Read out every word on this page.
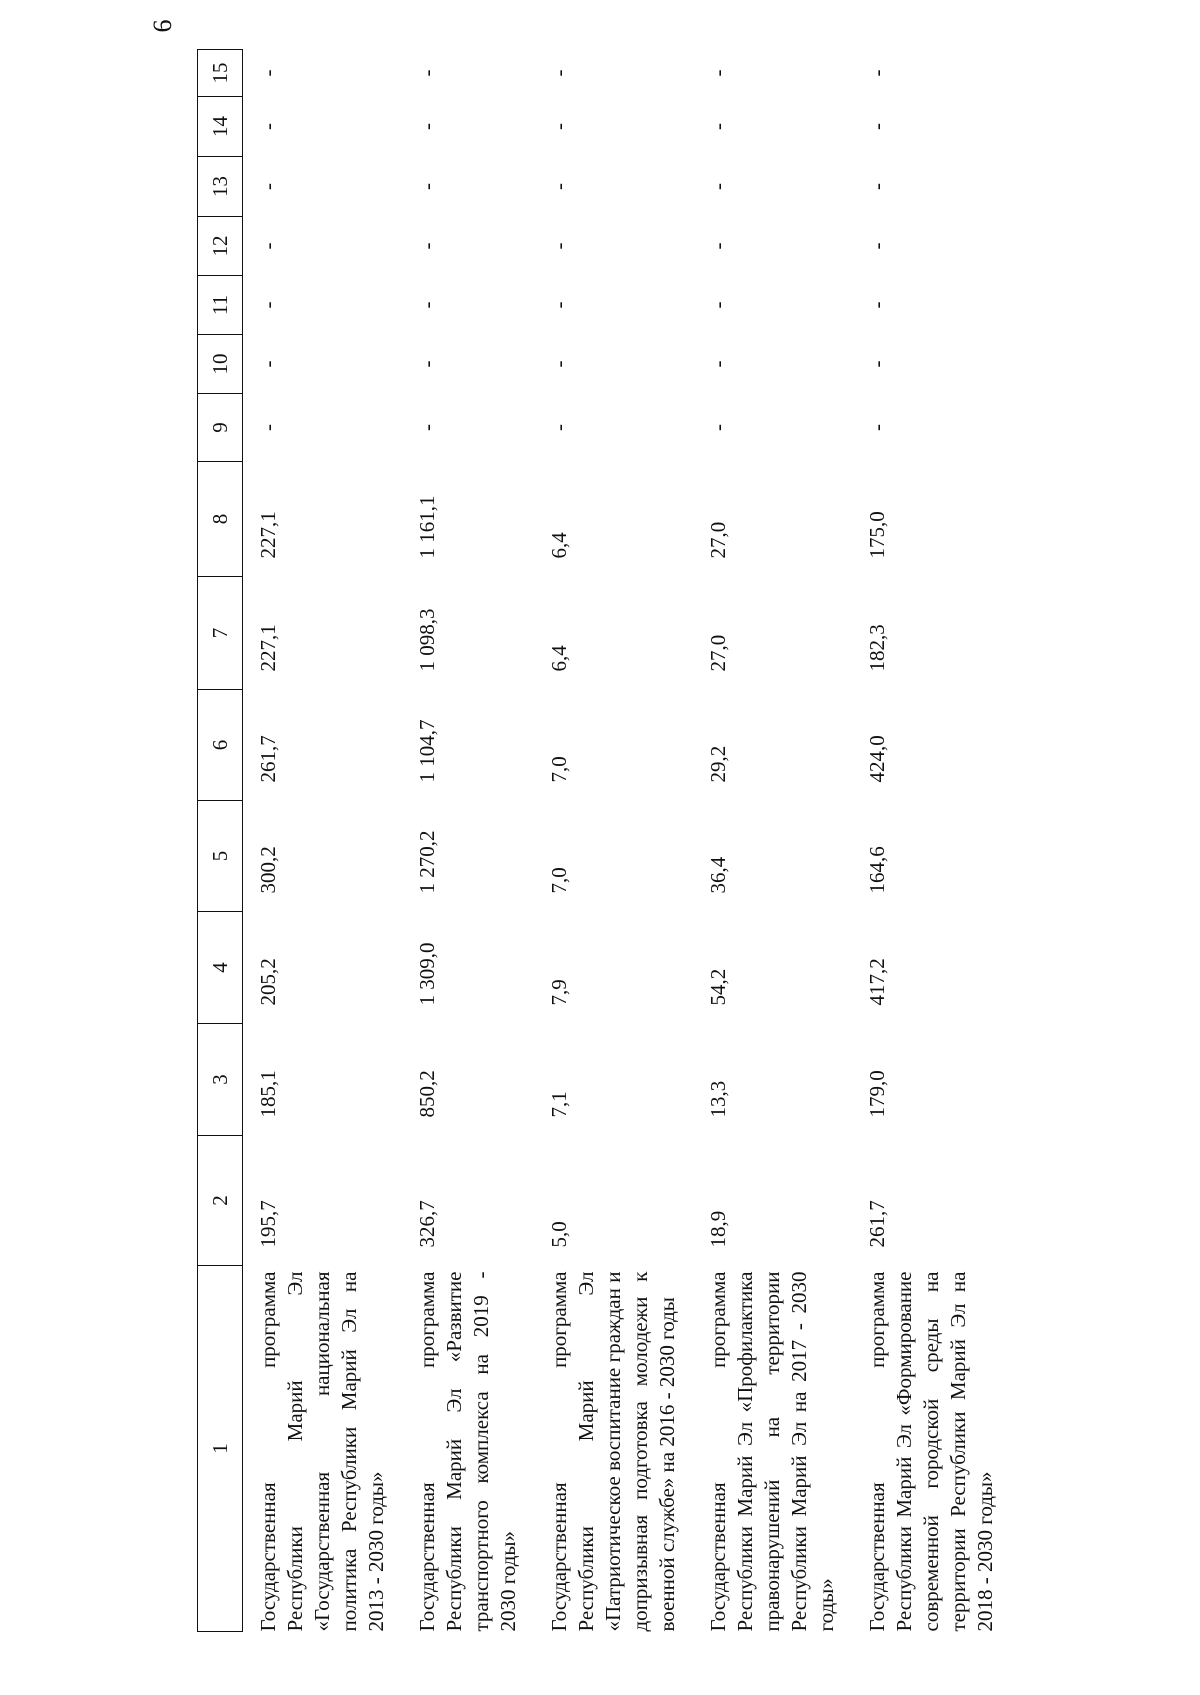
6
1	2	3	4	5	6	7	8	9	10	11	12	13	14	15
Государственная программа Республики Марий Эл «Государственная национальная политика Республики Марий Эл на 2013 - 2030 годы»	195,7	185,1	205,2	300,2	261,7	227,1	227,1	-	-	-	-	-	-	-
Государственная программа Республики Марий Эл «Развитие транспортного комплекса на 2019 - 2030 годы»	326,7	850,2	1 309,0	1 270,2	1 104,7	1 098,3	1 161,1	-	-	-	-	-	-	-
Государственная программа Республики Марий Эл «Патриотическое воспитание граждан и допризывная подготовка молодежи к военной службе» на 2016 - 2030 годы	5,0	7,1	7,9	7,0	7,0	6,4	6,4	-	-	-	-	-	-	-
Государственная программа Республики Марий Эл «Профилактика правонарушений на территории Республики Марий Эл на 2017 - 2030 годы»	18,9	13,3	54,2	36,4	29,2	27,0	27,0	-	-	-	-	-	-	-
Государственная программа Республики Марий Эл «Формирование современной городской среды на территории Республики Марий Эл на 2018 - 2030 годы»	261,7	179,0	417,2	164,6	424,0	182,3	175,0	-	-	-	-	-	-	-
